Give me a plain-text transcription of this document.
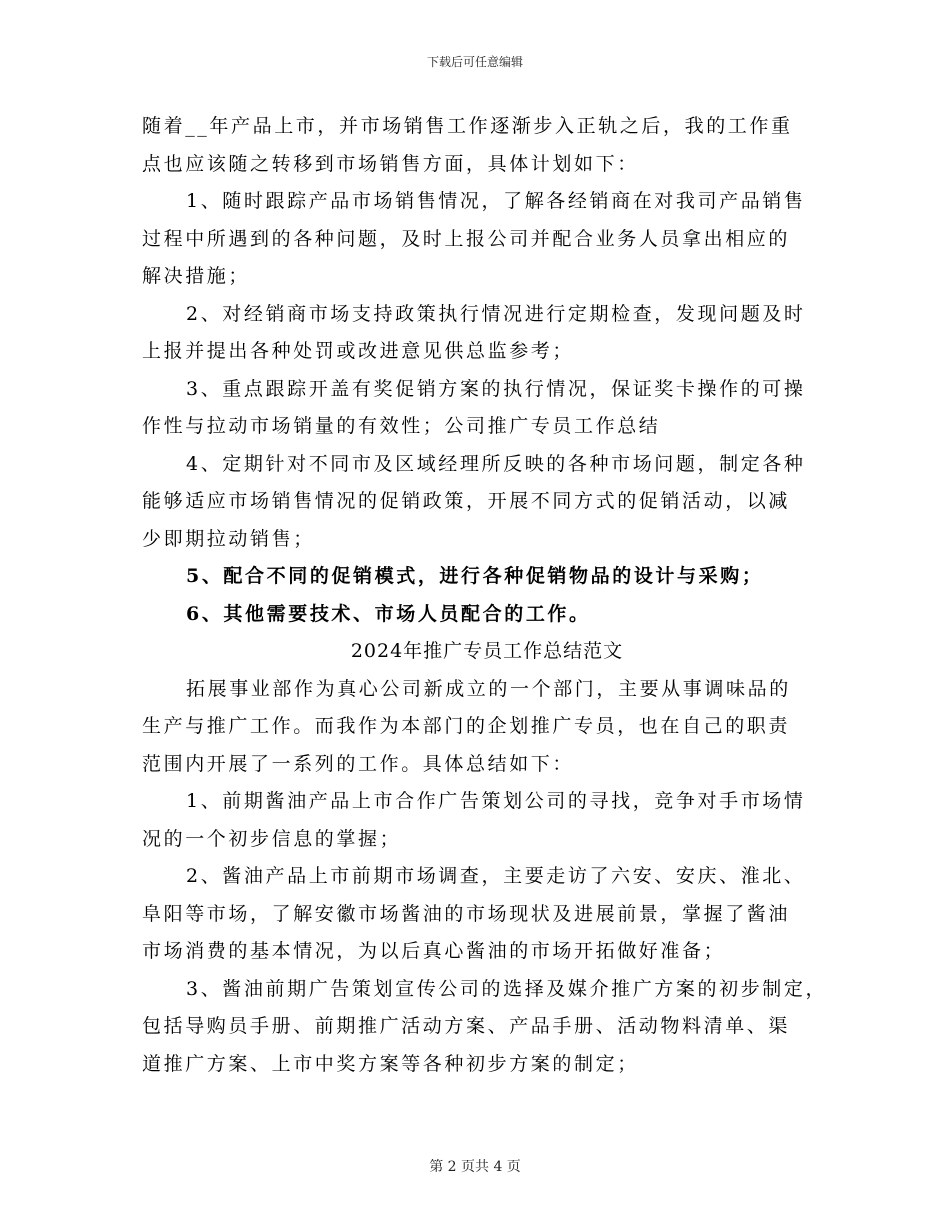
下载后可任意编辑
随着__年产品上市，并市场销售工作逐渐步入正轨之后，我的工作重
点也应该随之转移到市场销售方面，具体计划如下：
1、随时跟踪产品市场销售情况，了解各经销商在对我司产品销售
过程中所遇到的各种问题，及时上报公司并配合业务人员拿出相应的
解决措施；
2、对经销商市场支持政策执行情况进行定期检查，发现问题及时
上报并提出各种处罚或改进意见供总监参考；
3、重点跟踪开盖有奖促销方案的执行情况，保证奖卡操作的可操
作性与拉动市场销量的有效性；公司推广专员工作总结
4、定期针对不同市及区域经理所反映的各种市场问题，制定各种
能够适应市场销售情况的促销政策，开展不同方式的促销活动，以减
少即期拉动销售；
5、配合不同的促销模式，进行各种促销物品的设计与采购；
6、其他需要技术、市场人员配合的工作。
2024年推广专员工作总结范文
拓展事业部作为真心公司新成立的一个部门，主要从事调味品的
生产与推广工作。而我作为本部门的企划推广专员，也在自己的职责
范围内开展了一系列的工作。具体总结如下：
1、前期酱油产品上市合作广告策划公司的寻找，竞争对手市场情
况的一个初步信息的掌握；
2、酱油产品上市前期市场调查，主要走访了六安、安庆、淮北、
阜阳等市场，了解安徽市场酱油的市场现状及进展前景，掌握了酱油
市场消费的基本情况，为以后真心酱油的市场开拓做好准备；
3、酱油前期广告策划宣传公司的选择及媒介推广方案的初步制定，
包括导购员手册、前期推广活动方案、产品手册、活动物料清单、渠
道推广方案、上市中奖方案等各种初步方案的制定；
第 2 页共 4 页
